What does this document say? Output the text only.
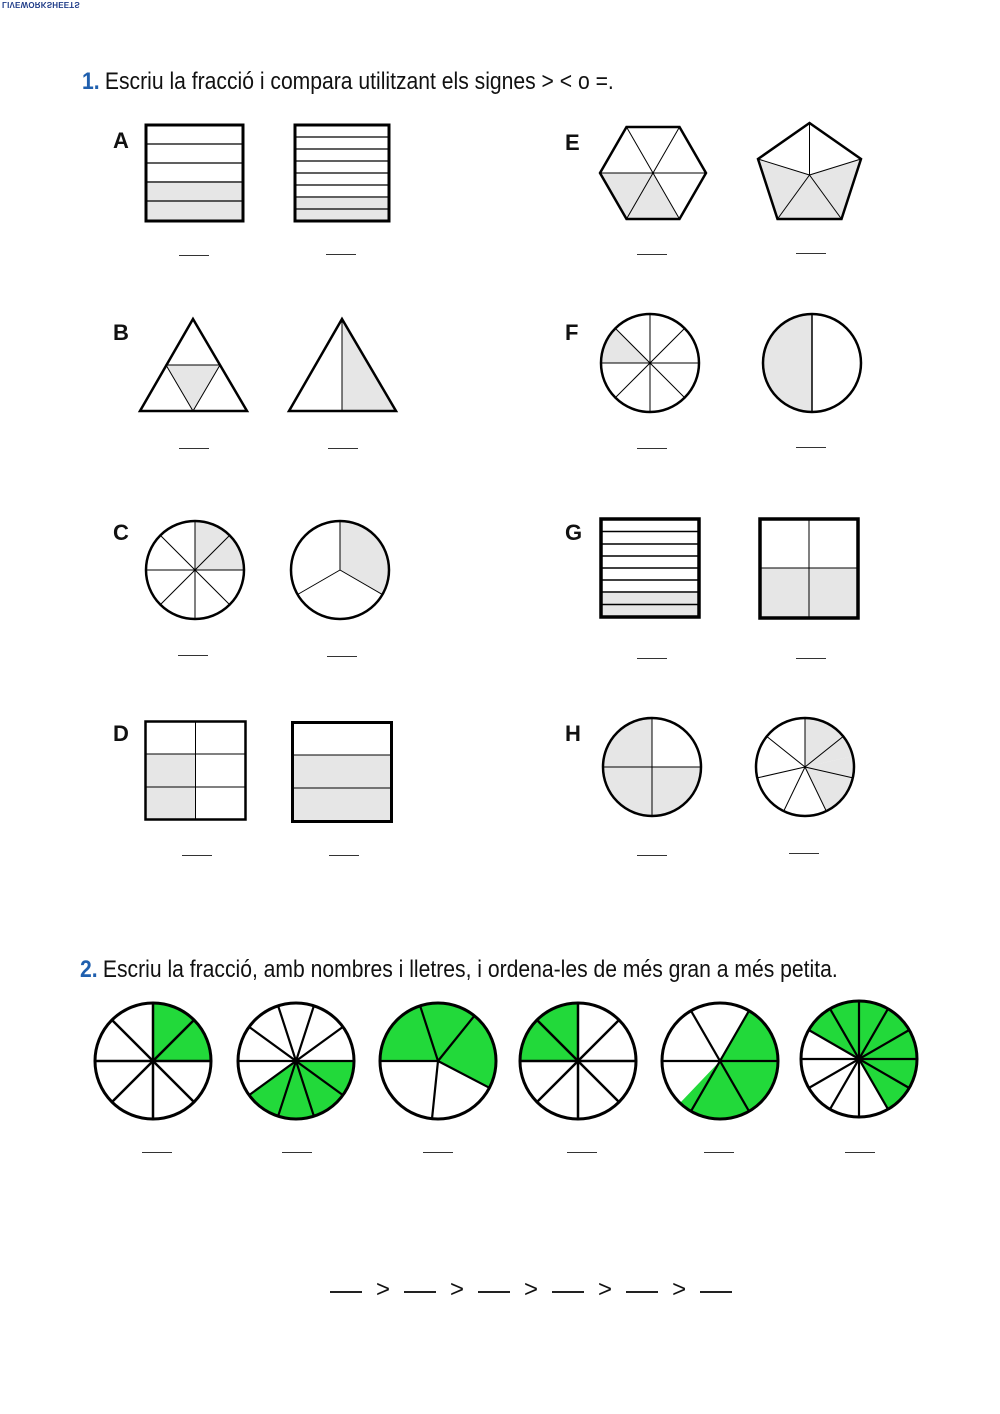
LIVEWORKSHEETS
1. Escriu la fracció i compara utilitzant els signes > < o =.
A
B
C
D
E
F
G
H
2. Escriu la fracció, amb nombres i lletres, i ordena-les de més gran a més petita.
>	>	>	>	>
